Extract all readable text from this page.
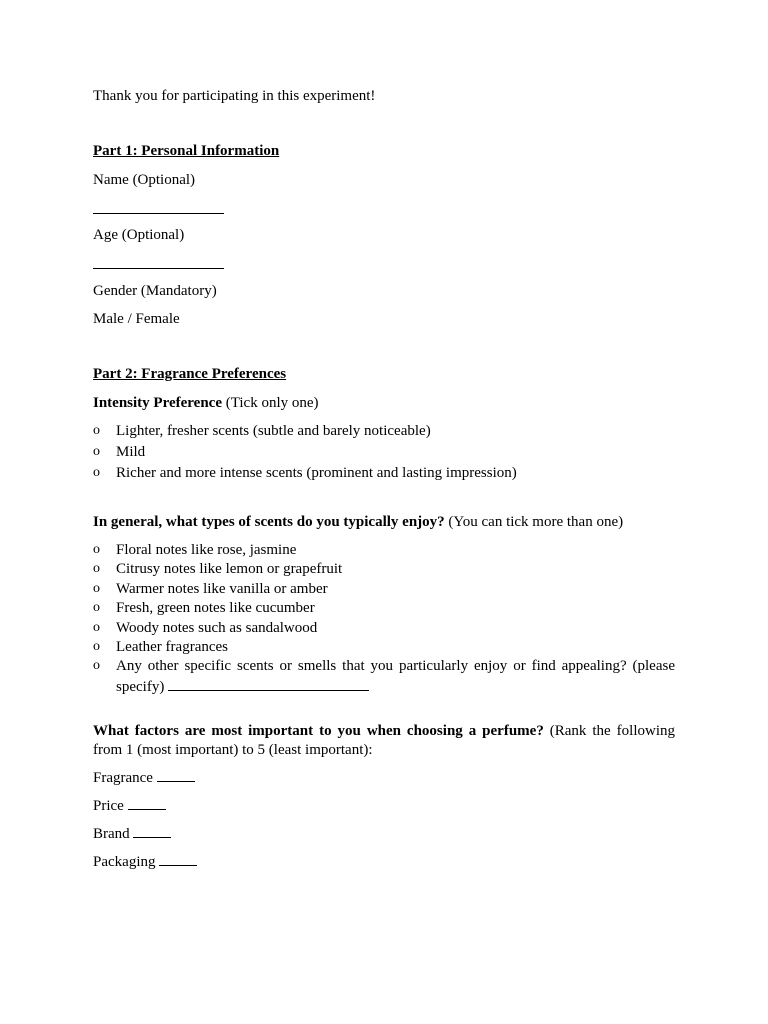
Thank you for participating in this experiment!
Part 1: Personal Information
Name (Optional)
Age (Optional)
Gender (Mandatory)
Male / Female
Part 2: Fragrance Preferences
Intensity Preference (Tick only one)
o Lighter, fresher scents (subtle and barely noticeable)
o Mild
o Richer and more intense scents (prominent and lasting impression)
In general, what types of scents do you typically enjoy? (You can tick more than one)
o Floral notes like rose, jasmine
o Citrusy notes like lemon or grapefruit
o Warmer notes like vanilla or amber
o Fresh, green notes like cucumber
o Woody notes such as sandalwood
o Leather fragrances
o Any other specific scents or smells that you particularly enjoy or find appealing? (please
specify)
What factors are most important to you when choosing a perfume? (Rank the following
from 1 (most important) to 5 (least important):
Fragrance
Price
Brand
Packaging
